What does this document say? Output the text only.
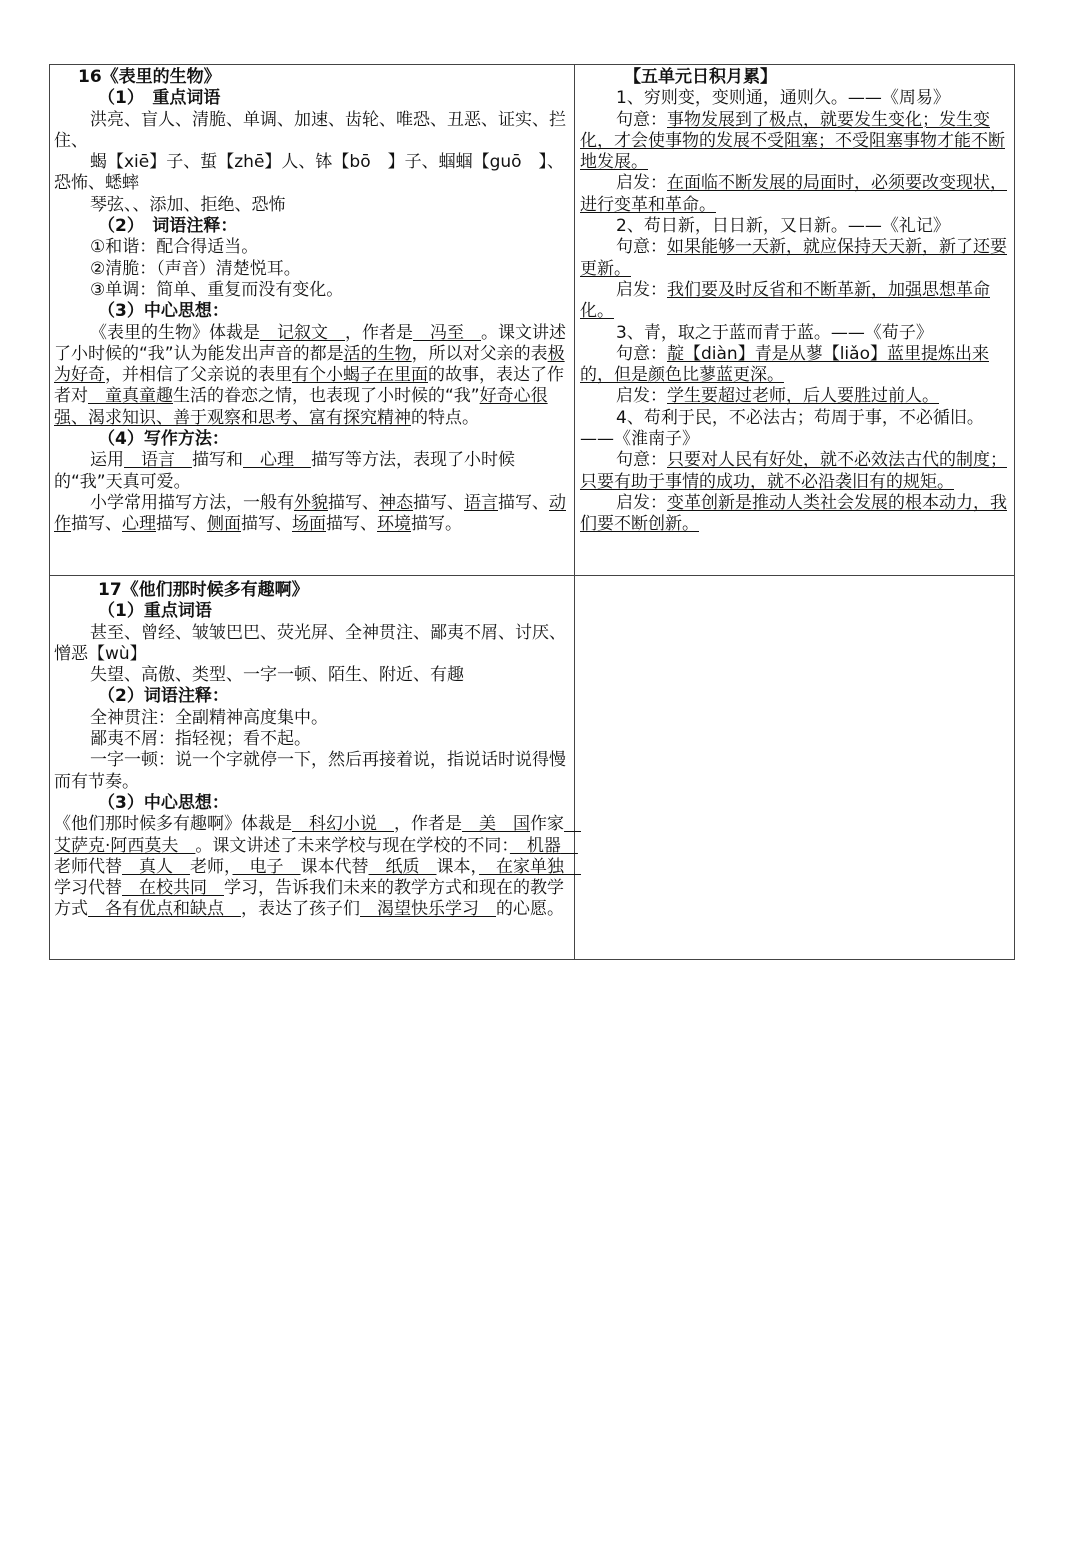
16《表里的生物》

（1）　重点词语

洪亮、盲人、清脆、单调、加速、齿轮、唯恐、丑恶、证实、拦住、

蝎【xiē】子、蜇【zhē】人、钵【bō　】子、蝈蝈【guō　】、恐怖、蟋蟀

琴弦、、添加、拒绝、恐怖

（2）　词语注释：

①和谐：配合得适当。

②清脆：（声音）清楚悦耳。

③单调：简单、重复而没有变化。

（3）中心思想：

《表里的生物》体裁是　记叙文　，作者是　冯至　。课文讲述了小时候的“我”认为能发出声音的都是活的生物，所以对父亲的表极为好奇，并相信了父亲说的表里有个小蝎子在里面的故事，表达了作者对　童真童趣生活的眷恋之情，也表现了小时候的“我”好奇心很强、渴求知识、善于观察和思考、富有探究精神的特点。

（4）写作方法：

运用　语言　描写和　心理　描写等方法，表现了小时候的“我”天真可爱。

小学常用描写方法，一般有外貌描写、神态描写、语言描写、动作描写、心理描写、侧面描写、场面描写、环境描写。

【五单元日积月累】

1、穷则变，变则通，通则久。——《周易》

句意：事物发展到了极点，就要发生变化；发生变化，才会使事物的发展不受阻塞；不受阻塞事物才能不断地发展。

启发：在面临不断发展的局面时，必须要改变现状，进行变革和革命。

2、苟日新，日日新，又日新。——《礼记》

句意：如果能够一天新，就应保持天天新，新了还要更新。

启发：我们要及时反省和不断革新，加强思想革命化。

3、青，取之于蓝而青于蓝。——《荀子》

句意：靛【diàn】青是从蓼【liǎo】蓝里提炼出来的，但是颜色比蓼蓝更深。

启发：学生要超过老师，后人要胜过前人。

4、苟利于民，不必法古；苟周于事，不必循旧。——《淮南子》

句意：只要对人民有好处，就不必效法古代的制度；只要有助于事情的成功，就不必沿袭旧有的规矩。

启发：变革创新是推动人类社会发展的根本动力，我们要不断创新。

17《他们那时候多有趣啊》

（1）重点词语

甚至、曾经、皱皱巴巴、荧光屏、全神贯注、鄙夷不屑、讨厌、憎恶【wù】

失望、高傲、类型、一字一顿、陌生、附近、有趣

（2）词语注释：

全神贯注：全副精神高度集中。

鄙夷不屑：指轻视；看不起。

一字一顿：说一个字就停一下，然后再接着说，指说话时说得慢而有节奏。

（3）中心思想：

《他们那时候多有趣啊》体裁是　科幻小说　，作者是　美　国作家　艾萨克·阿西莫夫　。课文讲述了未来学校与现在学校的不同：　机器　老师代替　真人　老师，　电子　课本代替　纸质　课本，　在家单独　学习代替　在校共同　学习，告诉我们未来的教学方式和现在的教学方式　各有优点和缺点　，表达了孩子们　渴望快乐学习　的心愿。
